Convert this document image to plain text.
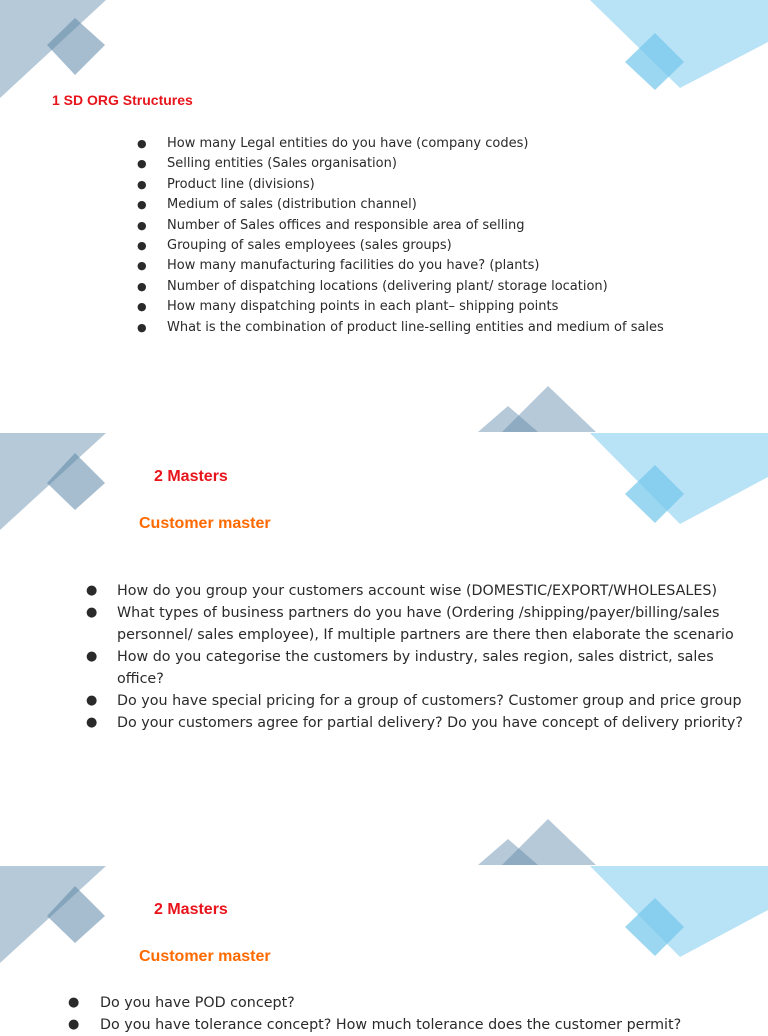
1 SD ORG Structures
● How many Legal entities do you have (company codes)
● Selling entities (Sales organisation)
● Product line (divisions)
● Medium of sales (distribution channel)
● Number of Sales offices and responsible area of selling
● Grouping of sales employees (sales groups)
● How many manufacturing facilities do you have? (plants)
● Number of dispatching locations (delivering plant/ storage location)
● How many dispatching points in each plant– shipping points
● What is the combination of product line-selling entities and medium of sales
2 Masters
Customer master
● How do you group your customers account wise (DOMESTIC/EXPORT/WHOLESALES)
● What types of business partners do you have (Ordering /shipping/payer/billing/sales personnel/ sales employee), If multiple partners are there then elaborate the scenario
● How do you categorise the customers by industry, sales region, sales district, sales office?
● Do you have special pricing for a group of customers? Customer group and price group
● Do your customers agree for partial delivery? Do you have concept of delivery priority?
2 Masters
Customer master
● Do you have POD concept?
● Do you have tolerance concept? How much tolerance does the customer permit?
